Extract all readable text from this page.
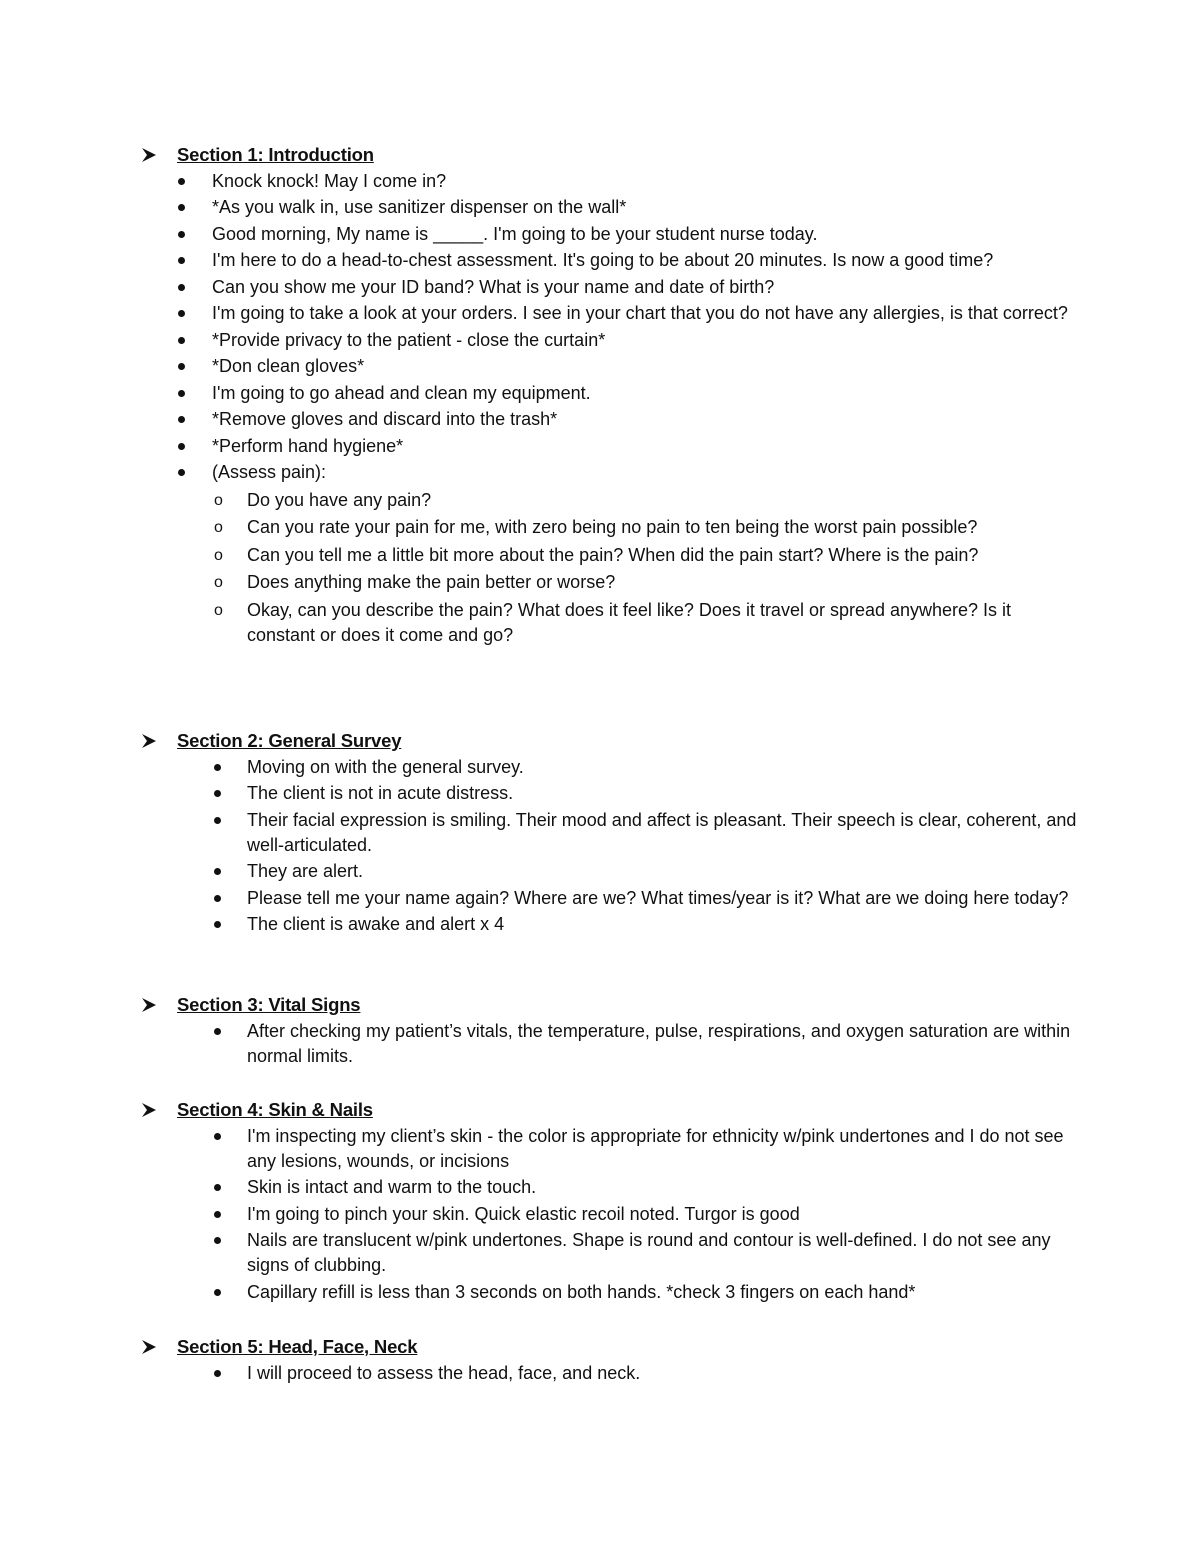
Section 1: Introduction
Knock knock! May I come in?
*As you walk in, use sanitizer dispenser on the wall*
Good morning, My name is _____. I'm going to be your student nurse today.
I'm here to do a head-to-chest assessment. It's going to be about 20 minutes. Is now a good time?
Can you show me your ID band? What is your name and date of birth?
I'm going to take a look at your orders. I see in your chart that you do not have any allergies, is that correct?
*Provide privacy to the patient - close the curtain*
*Don clean gloves*
I'm going to go ahead and clean my equipment.
*Remove gloves and discard into the trash*
*Perform hand hygiene*
(Assess pain):
o Do you have any pain?
o Can you rate your pain for me, with zero being no pain to ten being the worst pain possible?
o Can you tell me a little bit more about the pain? When did the pain start? Where is the pain?
o Does anything make the pain better or worse?
o Okay, can you describe the pain? What does it feel like? Does it travel or spread anywhere? Is it constant or does it come and go?
Section 2: General Survey
Moving on with the general survey.
The client is not in acute distress.
Their facial expression is smiling. Their mood and affect is pleasant. Their speech is clear, coherent, and well-articulated.
They are alert.
Please tell me your name again? Where are we? What times/year is it? What are we doing here today?
The client is awake and alert x 4
Section 3: Vital Signs
After checking my patient’s vitals, the temperature, pulse, respirations, and oxygen saturation are within normal limits.
Section 4: Skin & Nails
I'm inspecting my client’s skin - the color is appropriate for ethnicity w/pink undertones and I do not see any lesions, wounds, or incisions
Skin is intact and warm to the touch.
I'm going to pinch your skin. Quick elastic recoil noted. Turgor is good
Nails are translucent w/pink undertones. Shape is round and contour is well-defined. I do not see any signs of clubbing.
Capillary refill is less than 3 seconds on both hands. *check 3 fingers on each hand*
Section 5: Head, Face, Neck
I will proceed to assess the head, face, and neck.
